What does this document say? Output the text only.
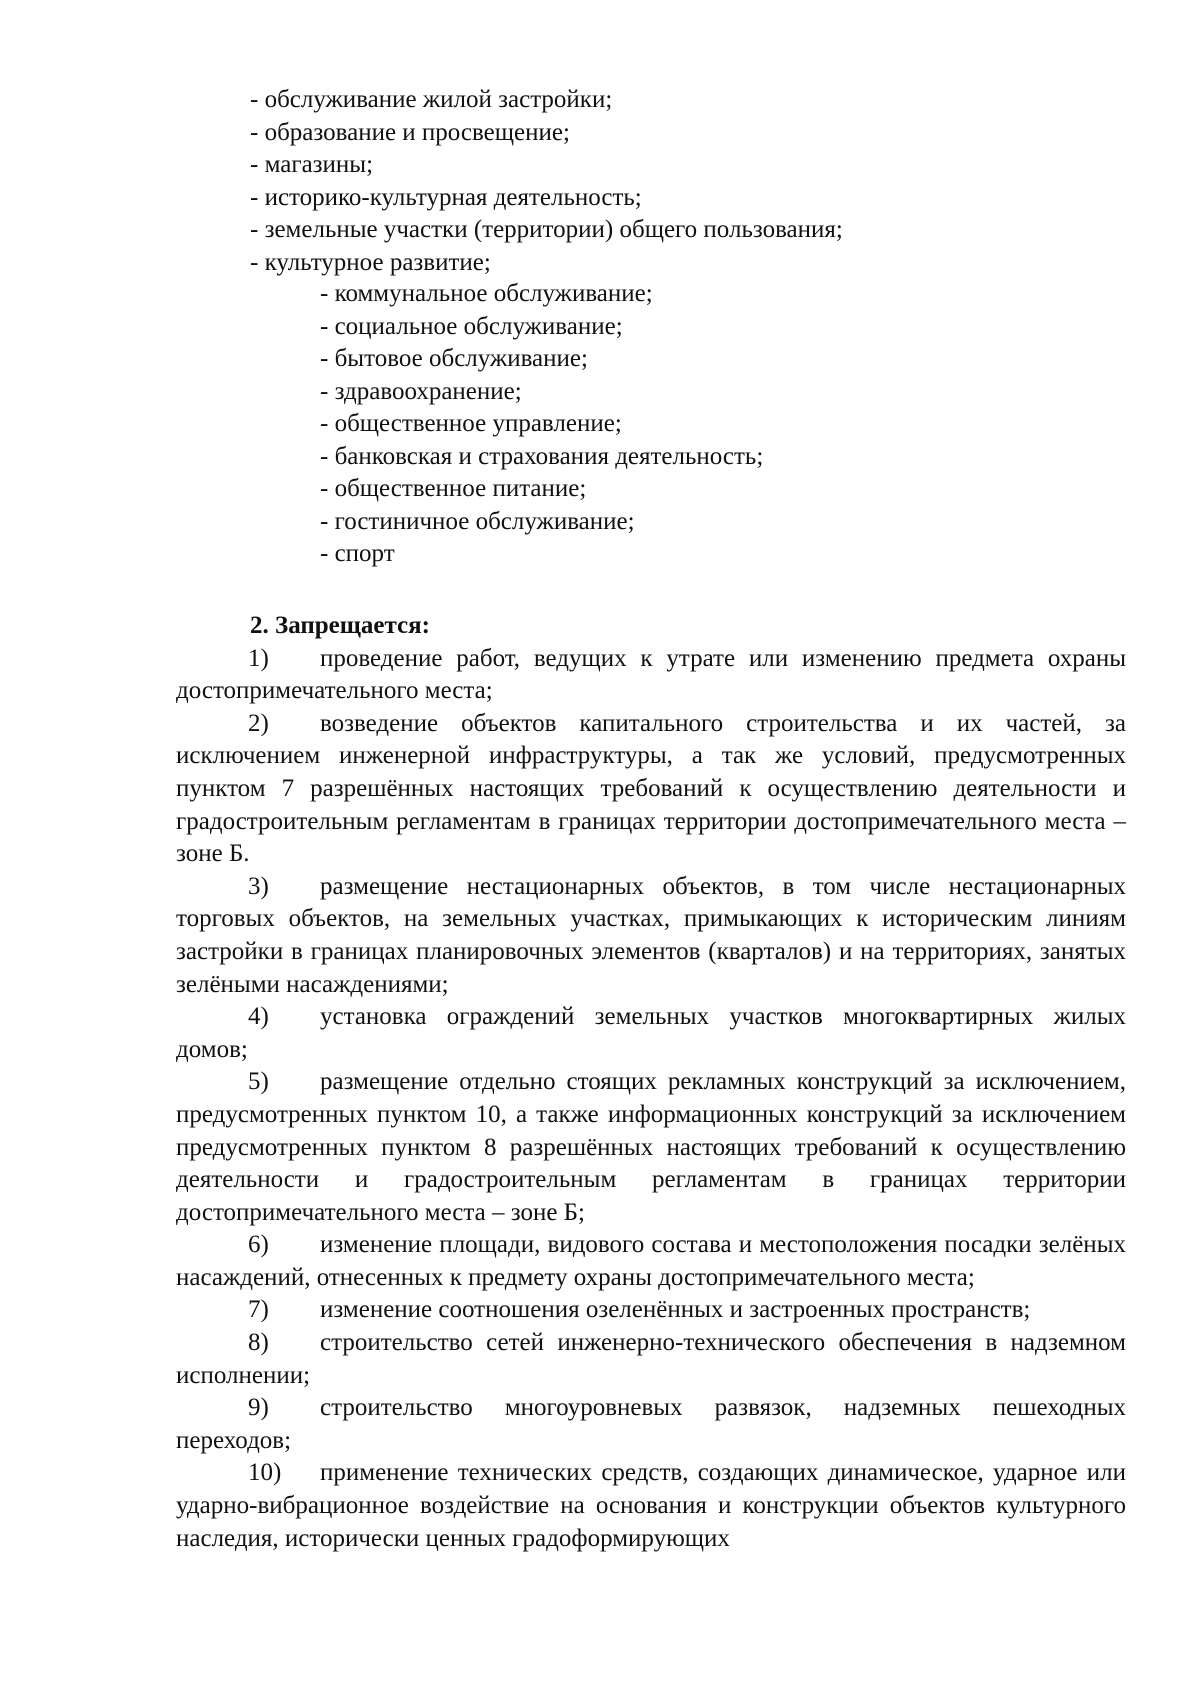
- обслуживание жилой застройки;
- образование и просвещение;
- магазины;
- историко-культурная деятельность;
- земельные участки (территории) общего пользования;
- культурное развитие;
- коммунальное обслуживание;
- социальное обслуживание;
- бытовое обслуживание;
- здравоохранение;
- общественное управление;
- банковская и страхования деятельность;
- общественное питание;
- гостиничное обслуживание;
- спорт
2. Запрещается:
1) проведение работ, ведущих к утрате или изменению предмета охраны достопримечательного места;
2) возведение объектов капитального строительства и их частей, за исключением инженерной инфраструктуры, а так же условий, предусмотренных пунктом 7 разрешённых настоящих требований к осуществлению деятельности и градостроительным регламентам в границах территории достопримечательного места – зоне Б.
3) размещение нестационарных объектов, в том числе нестационарных торговых объектов, на земельных участках, примыкающих к историческим линиям застройки в границах планировочных элементов (кварталов) и на территориях, занятых зелёными насаждениями;
4) установка ограждений земельных участков многоквартирных жилых домов;
5) размещение отдельно стоящих рекламных конструкций за исключением, предусмотренных пунктом 10, а также информационных конструкций за исключением предусмотренных пунктом 8 разрешённых настоящих требований к осуществлению деятельности и градостроительным регламентам в границах территории достопримечательного места – зоне Б;
6) изменение площади, видового состава и местоположения посадки зелёных насаждений, отнесенных к предмету охраны достопримечательного места;
7) изменение соотношения озеленённых и застроенных пространств;
8) строительство сетей инженерно-технического обеспечения в надземном исполнении;
9) строительство многоуровневых развязок, надземных пешеходных переходов;
10) применение технических средств, создающих динамическое, ударное или ударно-вибрационное воздействие на основания и конструкции объектов культурного наследия, исторически ценных градоформирующих
